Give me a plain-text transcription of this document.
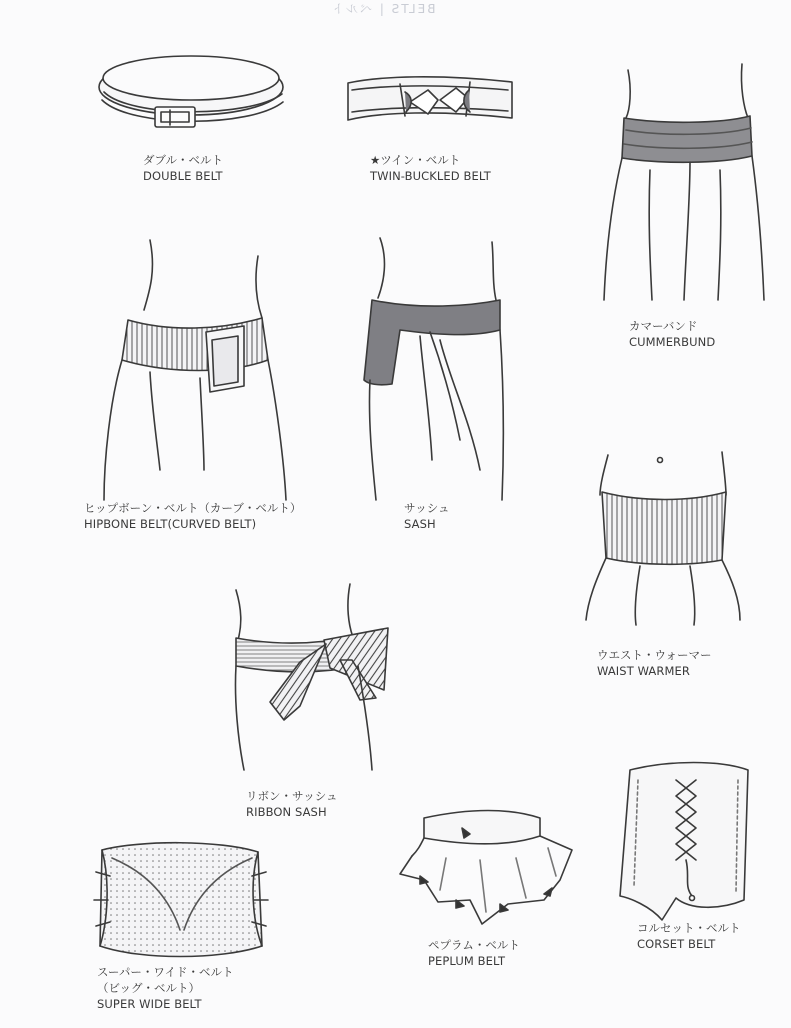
BELTS | ベルト
ダブル・ベルト
DOUBLE BELT
★ツイン・ベルト
TWIN-BUCKLED BELT
カマーバンド
CUMMERBUND
ヒップボーン・ベルト（カーブ・ベルト）
HIPBONE BELT(CURVED BELT)
サッシュ
SASH
ウエスト・ウォーマー
WAIST WARMER
リボン・サッシュ
RIBBON SASH
コルセット・ベルト
CORSET BELT
ペプラム・ベルト
PEPLUM BELT
スーパー・ワイド・ベルト
（ビッグ・ベルト）
SUPER WIDE BELT
